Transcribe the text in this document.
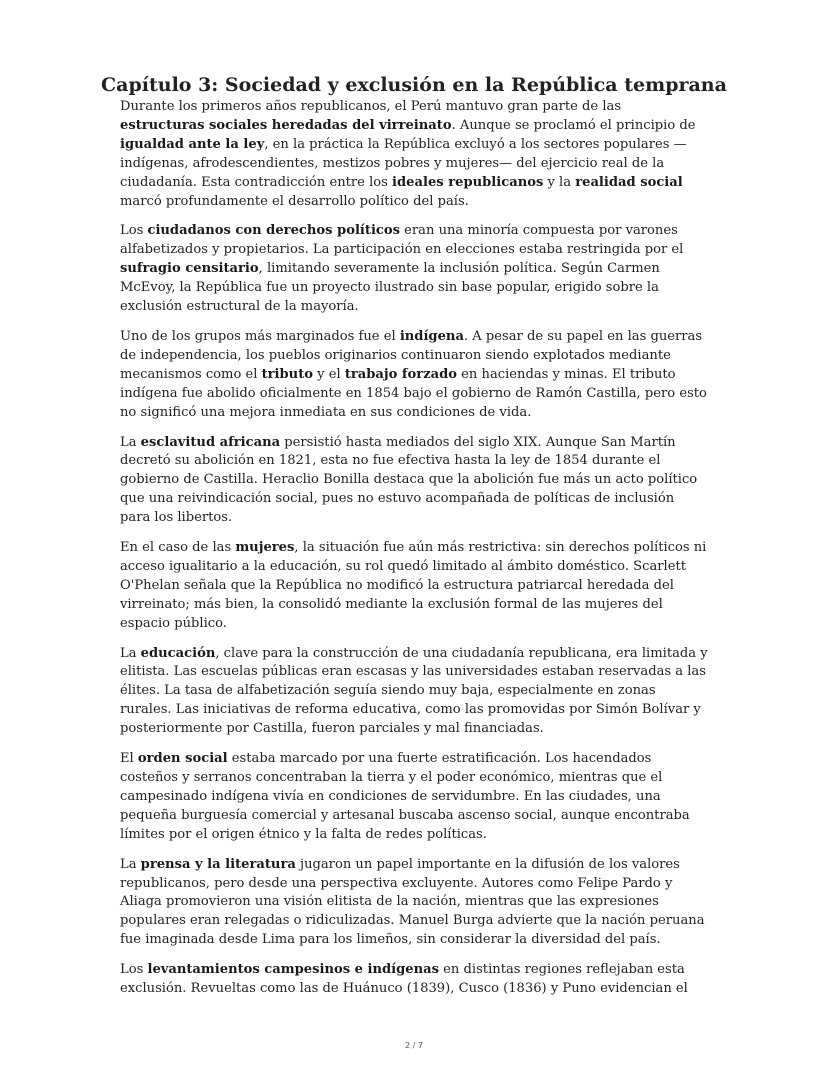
Capítulo 3: Sociedad y exclusión en la República temprana

Durante los primeros años republicanos, el Perú mantuvo gran parte de las estructuras sociales heredadas del virreinato. Aunque se proclamó el principio de igualdad ante la ley, en la práctica la República excluyó a los sectores populares —indígenas, afrodescendientes, mestizos pobres y mujeres— del ejercicio real de la ciudadanía. Esta contradicción entre los ideales republicanos y la realidad social marcó profundamente el desarrollo político del país.

Los ciudadanos con derechos políticos eran una minoría compuesta por varones alfabetizados y propietarios. La participación en elecciones estaba restringida por el sufragio censitario, limitando severamente la inclusión política. Según Carmen McEvoy, la República fue un proyecto ilustrado sin base popular, erigido sobre la exclusión estructural de la mayoría.

Uno de los grupos más marginados fue el indígena. A pesar de su papel en las guerras de independencia, los pueblos originarios continuaron siendo explotados mediante mecanismos como el tributo y el trabajo forzado en haciendas y minas. El tributo indígena fue abolido oficialmente en 1854 bajo el gobierno de Ramón Castilla, pero esto no significó una mejora inmediata en sus condiciones de vida.

La esclavitud africana persistió hasta mediados del siglo XIX. Aunque San Martín decretó su abolición en 1821, esta no fue efectiva hasta la ley de 1854 durante el gobierno de Castilla. Heraclio Bonilla destaca que la abolición fue más un acto político que una reivindicación social, pues no estuvo acompañada de políticas de inclusión para los libertos.

En el caso de las mujeres, la situación fue aún más restrictiva: sin derechos políticos ni acceso igualitario a la educación, su rol quedó limitado al ámbito doméstico. Scarlett O'Phelan señala que la República no modificó la estructura patriarcal heredada del virreinato; más bien, la consolidó mediante la exclusión formal de las mujeres del espacio público.

La educación, clave para la construcción de una ciudadanía republicana, era limitada y elitista. Las escuelas públicas eran escasas y las universidades estaban reservadas a las élites. La tasa de alfabetización seguía siendo muy baja, especialmente en zonas rurales. Las iniciativas de reforma educativa, como las promovidas por Simón Bolívar y posteriormente por Castilla, fueron parciales y mal financiadas.

El orden social estaba marcado por una fuerte estratificación. Los hacendados costeños y serranos concentraban la tierra y el poder económico, mientras que el campesinado indígena vivía en condiciones de servidumbre. En las ciudades, una pequeña burguesía comercial y artesanal buscaba ascenso social, aunque encontraba límites por el origen étnico y la falta de redes políticas.

La prensa y la literatura jugaron un papel importante en la difusión de los valores republicanos, pero desde una perspectiva excluyente. Autores como Felipe Pardo y Aliaga promovieron una visión elitista de la nación, mientras que las expresiones populares eran relegadas o ridiculizadas. Manuel Burga advierte que la nación peruana fue imaginada desde Lima para los limeños, sin considerar la diversidad del país.

Los levantamientos campesinos e indígenas en distintas regiones reflejaban esta exclusión. Revueltas como las de Huánuco (1839), Cusco (1836) y Puno evidencian el

2 / 7
